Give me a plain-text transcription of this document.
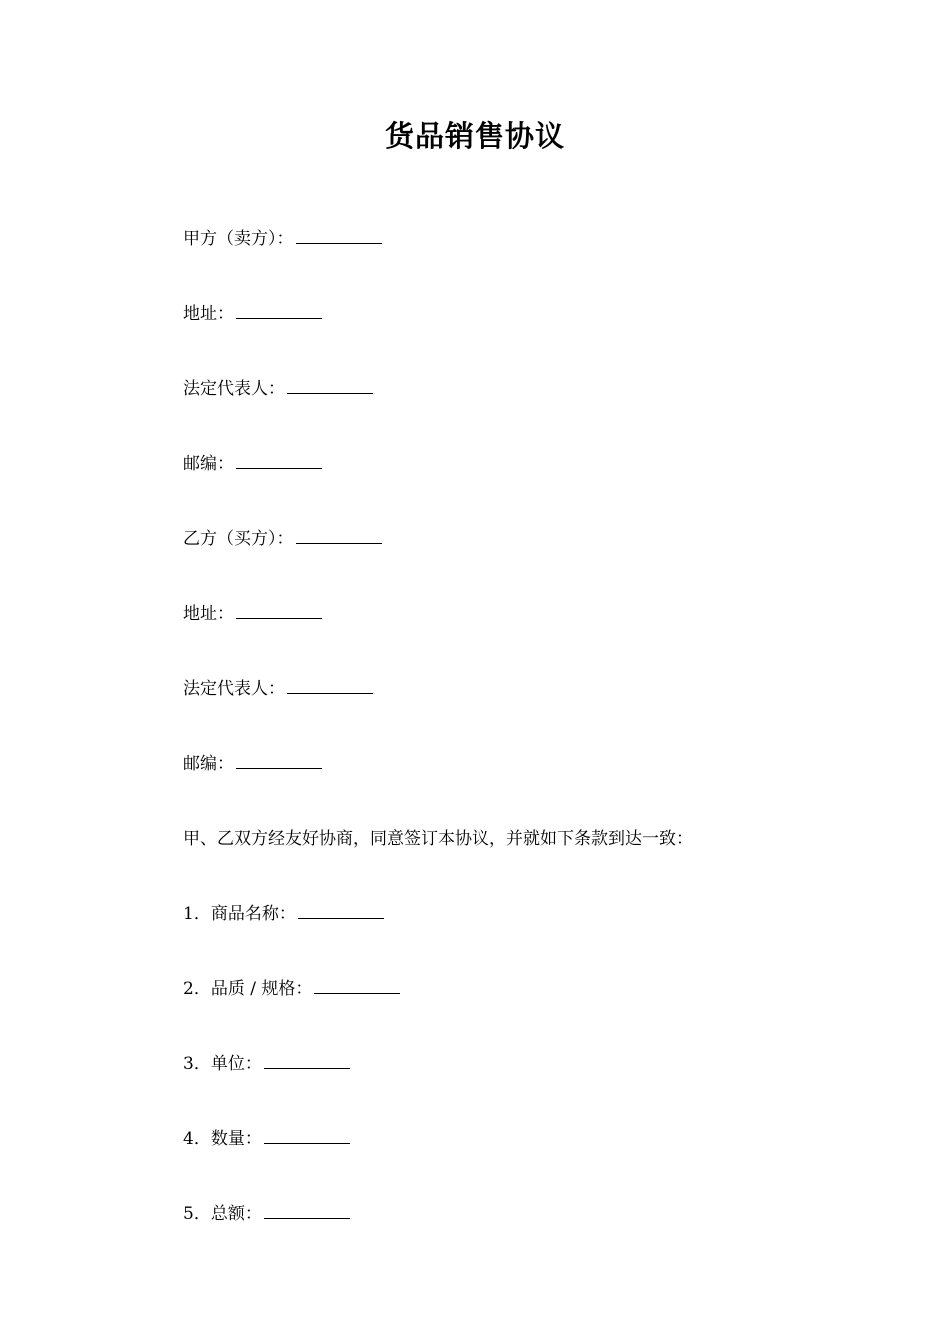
货品销售协议
甲方（卖方）：
地址：
法定代表人：
邮编：
乙方（买方）：
地址：
法定代表人：
邮编：
甲、乙双方经友好协商，同意签订本协议，并就如下条款到达一致：
1．商品名称：
2．品质 / 规格：
3．单位：
4．数量：
5．总额：
